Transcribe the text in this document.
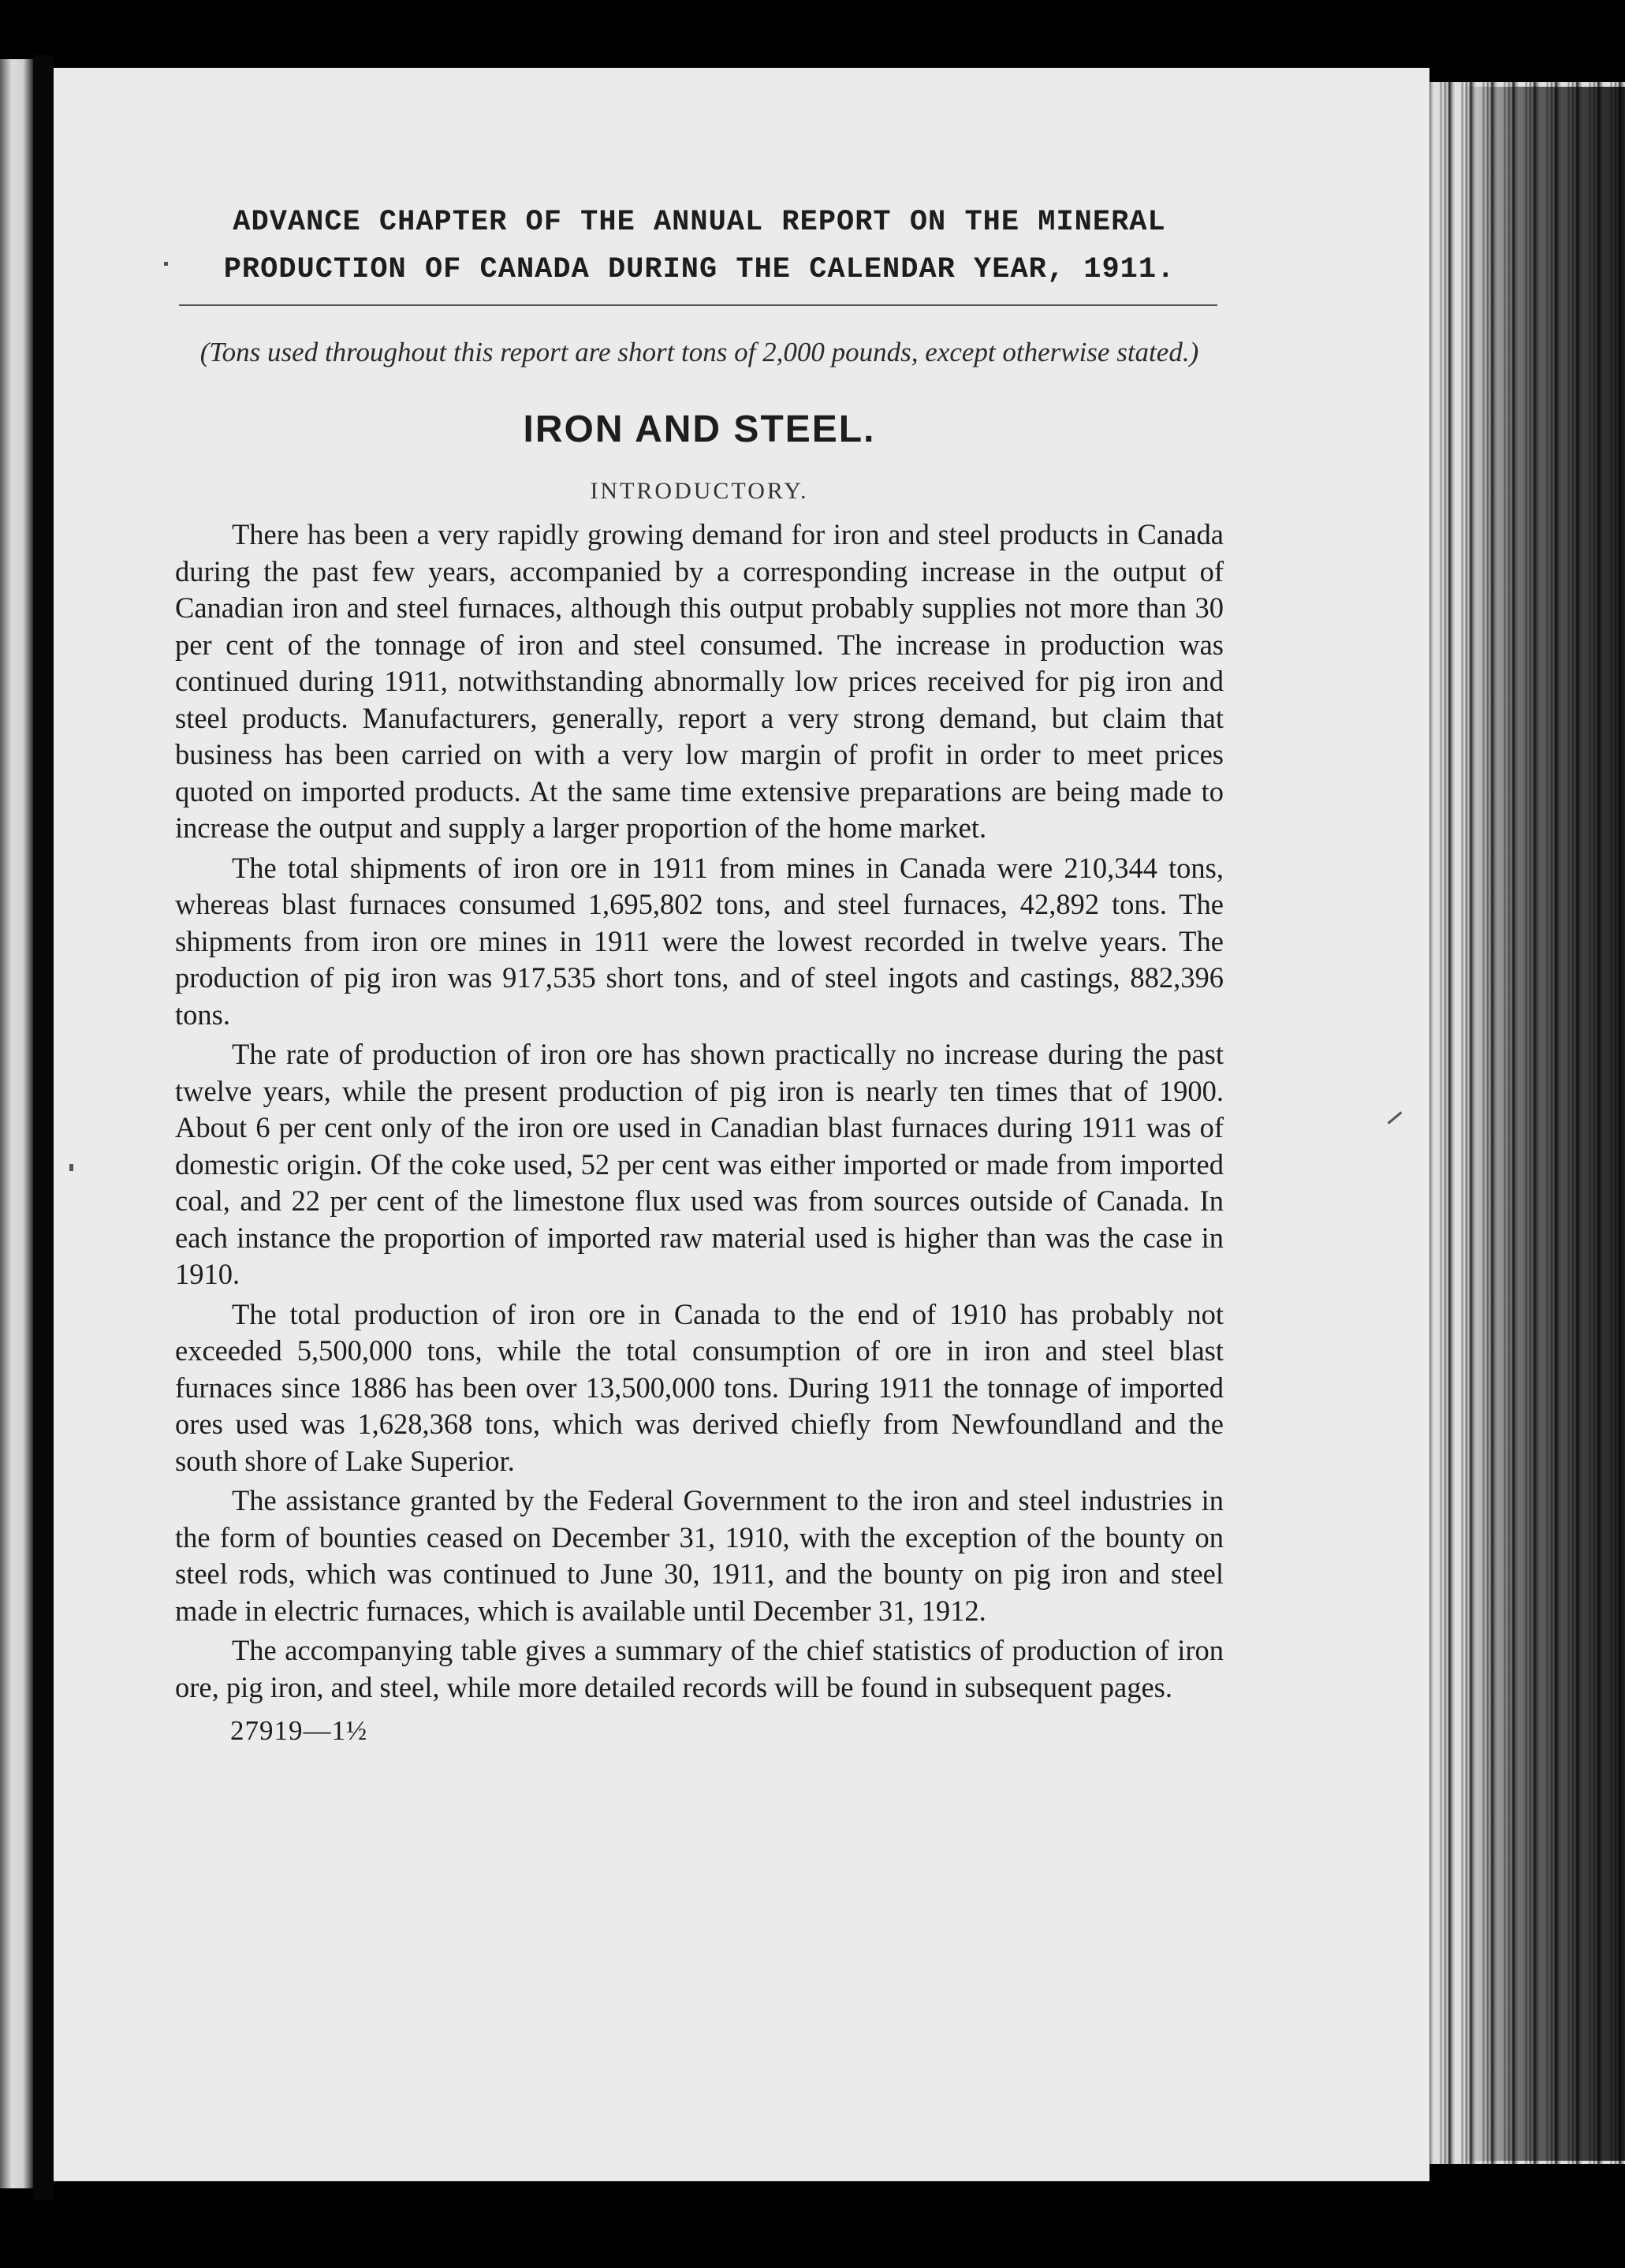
ADVANCE CHAPTER OF THE ANNUAL REPORT ON THE MINERAL
PRODUCTION OF CANADA DURING THE CALENDAR YEAR, 1911.
(Tons used throughout this report are short tons of 2,000 pounds, except otherwise stated.)
IRON AND STEEL.
INTRODUCTORY.

There has been a very rapidly growing demand for iron and steel products in Canada during the past few years, accompanied by a corresponding increase in the output of Canadian iron and steel furnaces, although this output probably supplies not more than 30 per cent of the tonnage of iron and steel consumed. The increase in production was continued during 1911, notwithstanding abnormally low prices received for pig iron and steel products. Manufacturers, generally, report a very strong demand, but claim that business has been carried on with a very low margin of profit in order to meet prices quoted on imported products. At the same time extensive preparations are being made to increase the output and supply a larger proportion of the home market.

The total shipments of iron ore in 1911 from mines in Canada were 210,344 tons, whereas blast furnaces consumed 1,695,802 tons, and steel furnaces, 42,892 tons. The shipments from iron ore mines in 1911 were the lowest recorded in twelve years. The production of pig iron was 917,535 short tons, and of steel ingots and castings, 882,396 tons.

The rate of production of iron ore has shown practically no increase during the past twelve years, while the present production of pig iron is nearly ten times that of 1900. About 6 per cent only of the iron ore used in Canadian blast furnaces during 1911 was of domestic origin. Of the coke used, 52 per cent was either imported or made from imported coal, and 22 per cent of the limestone flux used was from sources outside of Canada. In each instance the proportion of imported raw material used is higher than was the case in 1910.

The total production of iron ore in Canada to the end of 1910 has probably not exceeded 5,500,000 tons, while the total consumption of ore in iron and steel blast furnaces since 1886 has been over 13,500,000 tons. During 1911 the tonnage of imported ores used was 1,628,368 tons, which was derived chiefly from Newfoundland and the south shore of Lake Superior.

The assistance granted by the Federal Government to the iron and steel industries in the form of bounties ceased on December 31, 1910, with the exception of the bounty on steel rods, which was continued to June 30, 1911, and the bounty on pig iron and steel made in electric furnaces, which is available until December 31, 1912.

The accompanying table gives a summary of the chief statistics of production of iron ore, pig iron, and steel, while more detailed records will be found in subsequent pages.

27919—1½
